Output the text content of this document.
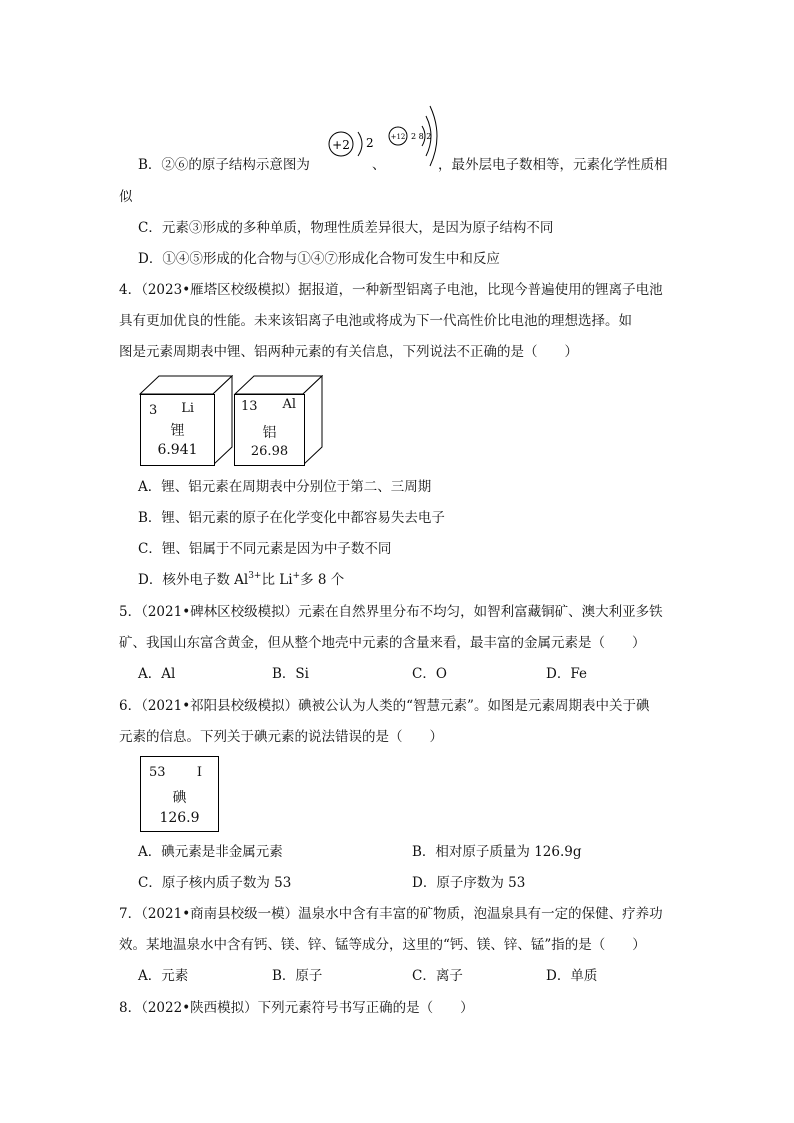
B．②⑥的原子结构示意图为
+2 2
、
+12 2 8 2
，最外层电子数相等，元素化学性质相
似
C．元素③形成的多种单质，物理性质差异很大，是因为原子结构不同
D．①④⑤形成的化合物与①④⑦形成化合物可发生中和反应
4．（2023•雁塔区校级模拟）据报道，一种新型铝离子电池，比现今普遍使用的锂离子电池
具有更加优良的性能。未来该铝离子电池或将成为下一代高性价比电池的理想选择。如
图是元素周期表中锂、铝两种元素的有关信息，下列说法不正确的是（　　）
3 Li
锂
6.941
13 Al
铝
26.98
A．锂、铝元素在周期表中分别位于第二、三周期
B．锂、铝元素的原子在化学变化中都容易失去电子
C．锂、铝属于不同元素是因为中子数不同
D．核外电子数 $Al^{3+}$比 Li+多 8 个
5．（2021•碑林区校级模拟）元素在自然界里分布不均匀，如智利富藏铜矿、澳大利亚多铁
矿、我国山东富含黄金，但从整个地壳中元素的含量来看，最丰富的金属元素是（　　）
A．Al	B．Si	C．O	D．Fe
6．（2021•祁阳县校级模拟）碘被公认为人类的“智慧元素”。如图是元素周期表中关于碘
元素的信息。下列关于碘元素的说法错误的是（　　）
53 I
碘
126.9
A．碘元素是非金属元素	B．相对原子质量为 126.9g
C．原子核内质子数为 53	D．原子序数为 53
7．（2021•商南县校级一模）温泉水中含有丰富的矿物质，泡温泉具有一定的保健、疗养功
效。某地温泉水中含有钙、镁、锌、锰等成分，这里的“钙、镁、锌、锰”指的是（　　）
A．元素	B．原子	C．离子	D．单质
8．（2022•陕西模拟）下列元素符号书写正确的是（　　）
